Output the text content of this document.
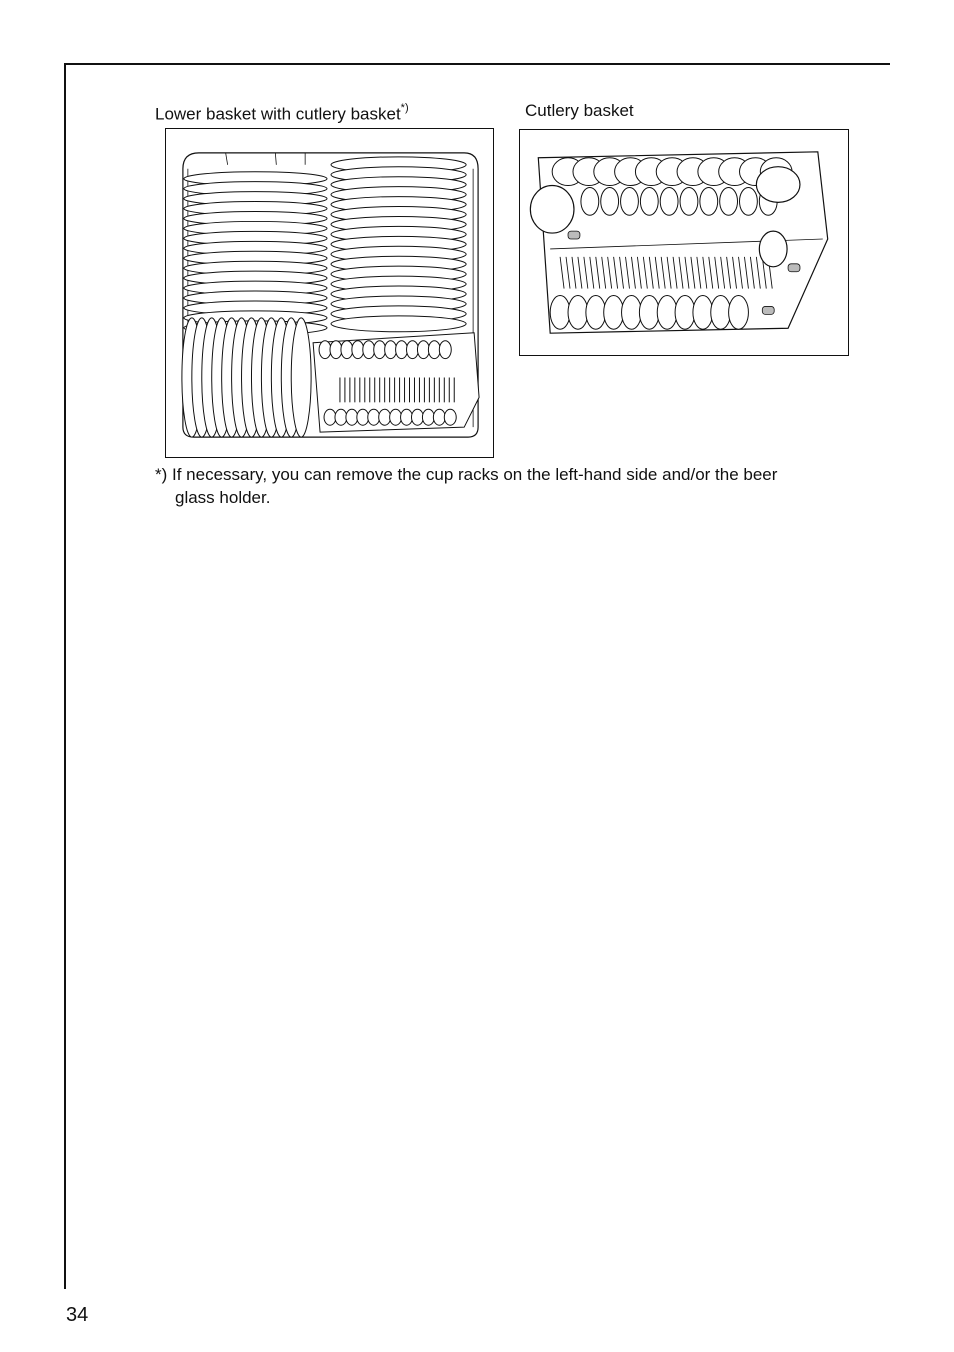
Lower basket with cutlery basket*)	Cutlery basket
*) If necessary, you can remove the cup racks on the left-hand side and/or the beer
glass holder.
34
